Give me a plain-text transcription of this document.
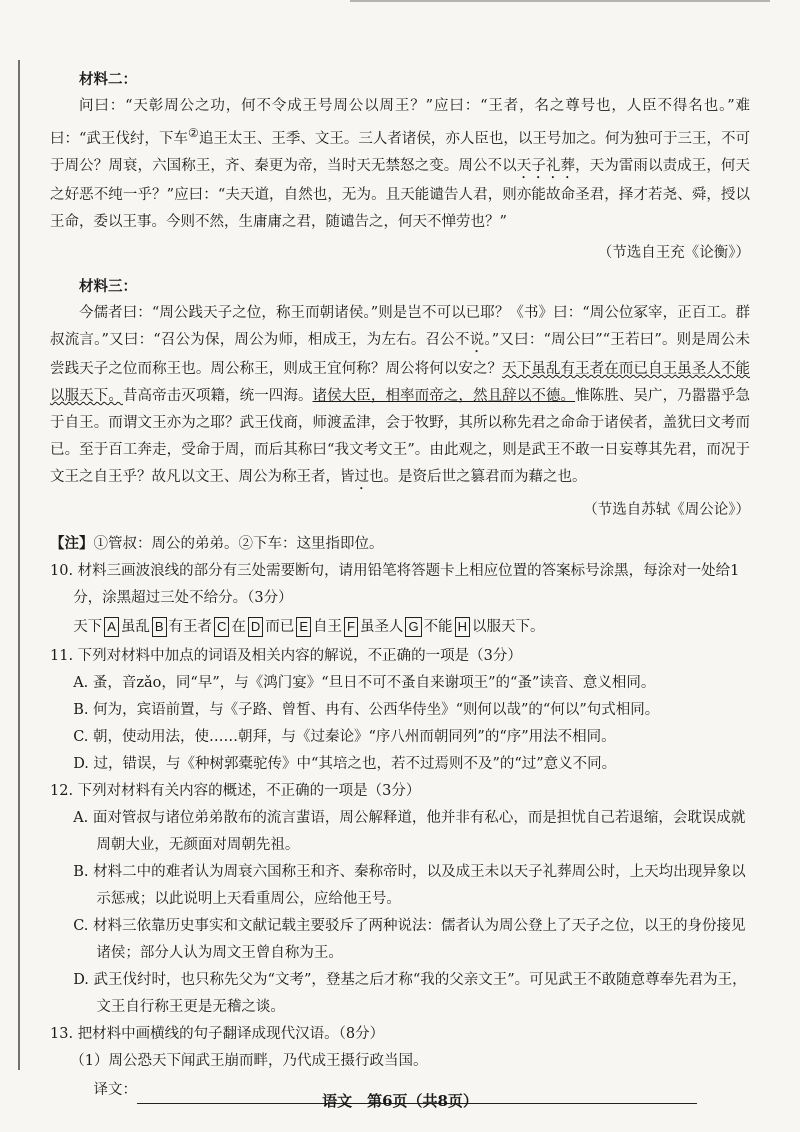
材料二：

问曰：“天彰周公之功，何不令成王号周公以周王？”应曰：“王者，名之尊号也，人臣不得名也。”难曰：“武王伐纣，下车②追王太王、王季、文王。三人者诸侯，亦人臣也，以王号加之。何为独可于三王，不可于周公？周衰，六国称王，齐、秦更为帝，当时天无禁怒之变。周公不以天子礼葬，天为雷雨以责成王，何天之好恶不纯一乎？”应曰：“夫天道，自然也，无为。且天能谴告人君，则亦能故命圣君，择才若尧、舜，授以王命，委以王事。今则不然，生庸庸之君，随谴告之，何天不惮劳也？”

（节选自王充《论衡》）

材料三：

今儒者曰：“周公践天子之位，称王而朝诸侯。”则是岂不可以已耶？《书》曰：“周公位冢宰，正百工。群叔流言。”又曰：“召公为保，周公为师，相成王，为左右。召公不说。”又曰：“周公曰”“王若曰”。则是周公未尝践天子之位而称王也。周公称王，则成王宜何称？周公将何以安之？天下虽乱有王者在而已自王虽圣人不能以服天下。昔高帝击灭项籍，统一四海。诸侯大臣，相率而帝之，然且辞以不德。惟陈胜、吴广，乃嚣嚣乎急于自王。而谓文王亦为之耶？武王伐商，师渡孟津，会于牧野，其所以称先君之命命于诸侯者，盖犹曰文考而已。至于百工奔走，受命于周，而后其称曰“我文考文王”。由此观之，则是武王不敢一日妄尊其先君，而况于文王之自王乎？故凡以文王、周公为称王者，皆过也。是资后世之篡君而为藉之也。

（节选自苏轼《周公论》）

【注】①管叔：周公的弟弟。②下车：这里指即位。

10. 材料三画波浪线的部分有三处需要断句，请用铅笔将答题卡上相应位置的答案标号涂黑，每涂对一处给1分，涂黑超过三处不给分。（3分）

天下 A 虽乱 B 有王者 C 在 D 而已 E 自王 F 虽圣人 G 不能 H 以服天下。

11. 下列对材料中加点的词语及相关内容的解说，不正确的一项是（3分）

A. 蚤，音zǎo，同“早”，与《鸿门宴》“旦日不可不蚤自来谢项王”的“蚤”读音、意义相同。

B. 何为，宾语前置，与《子路、曾皙、冉有、公西华侍坐》“则何以哉”的“何以”句式相同。

C. 朝，使动用法，使……朝拜，与《过秦论》“序八州而朝同列”的“序”用法不相同。

D. 过，错误，与《种树郭橐驼传》中“其培之也，若不过焉则不及”的“过”意义不同。

12. 下列对材料有关内容的概述，不正确的一项是（3分）

A. 面对管叔与诸位弟弟散布的流言蜚语，周公解释道，他并非有私心，而是担忧自己若退缩，会耽误成就周朝大业，无颜面对周朝先祖。

B. 材料二中的难者认为周衰六国称王和齐、秦称帝时，以及成王未以天子礼葬周公时，上天均出现异象以示惩戒；以此说明上天看重周公，应给他王号。

C. 材料三依靠历史事实和文献记载主要驳斥了两种说法：儒者认为周公登上了天子之位，以王的身份接见诸侯；部分人认为周文王曾自称为王。

D. 武王伐纣时，也只称先父为“文考”，登基之后才称“我的父亲文王”。可见武王不敢随意尊奉先君为王，文王自行称王更是无稽之谈。

13. 把材料中画横线的句子翻译成现代汉语。（8分）

（1）周公恐天下闻武王崩而畔，乃代成王摄行政当国。

译文：
语文　第6页（共8页）
